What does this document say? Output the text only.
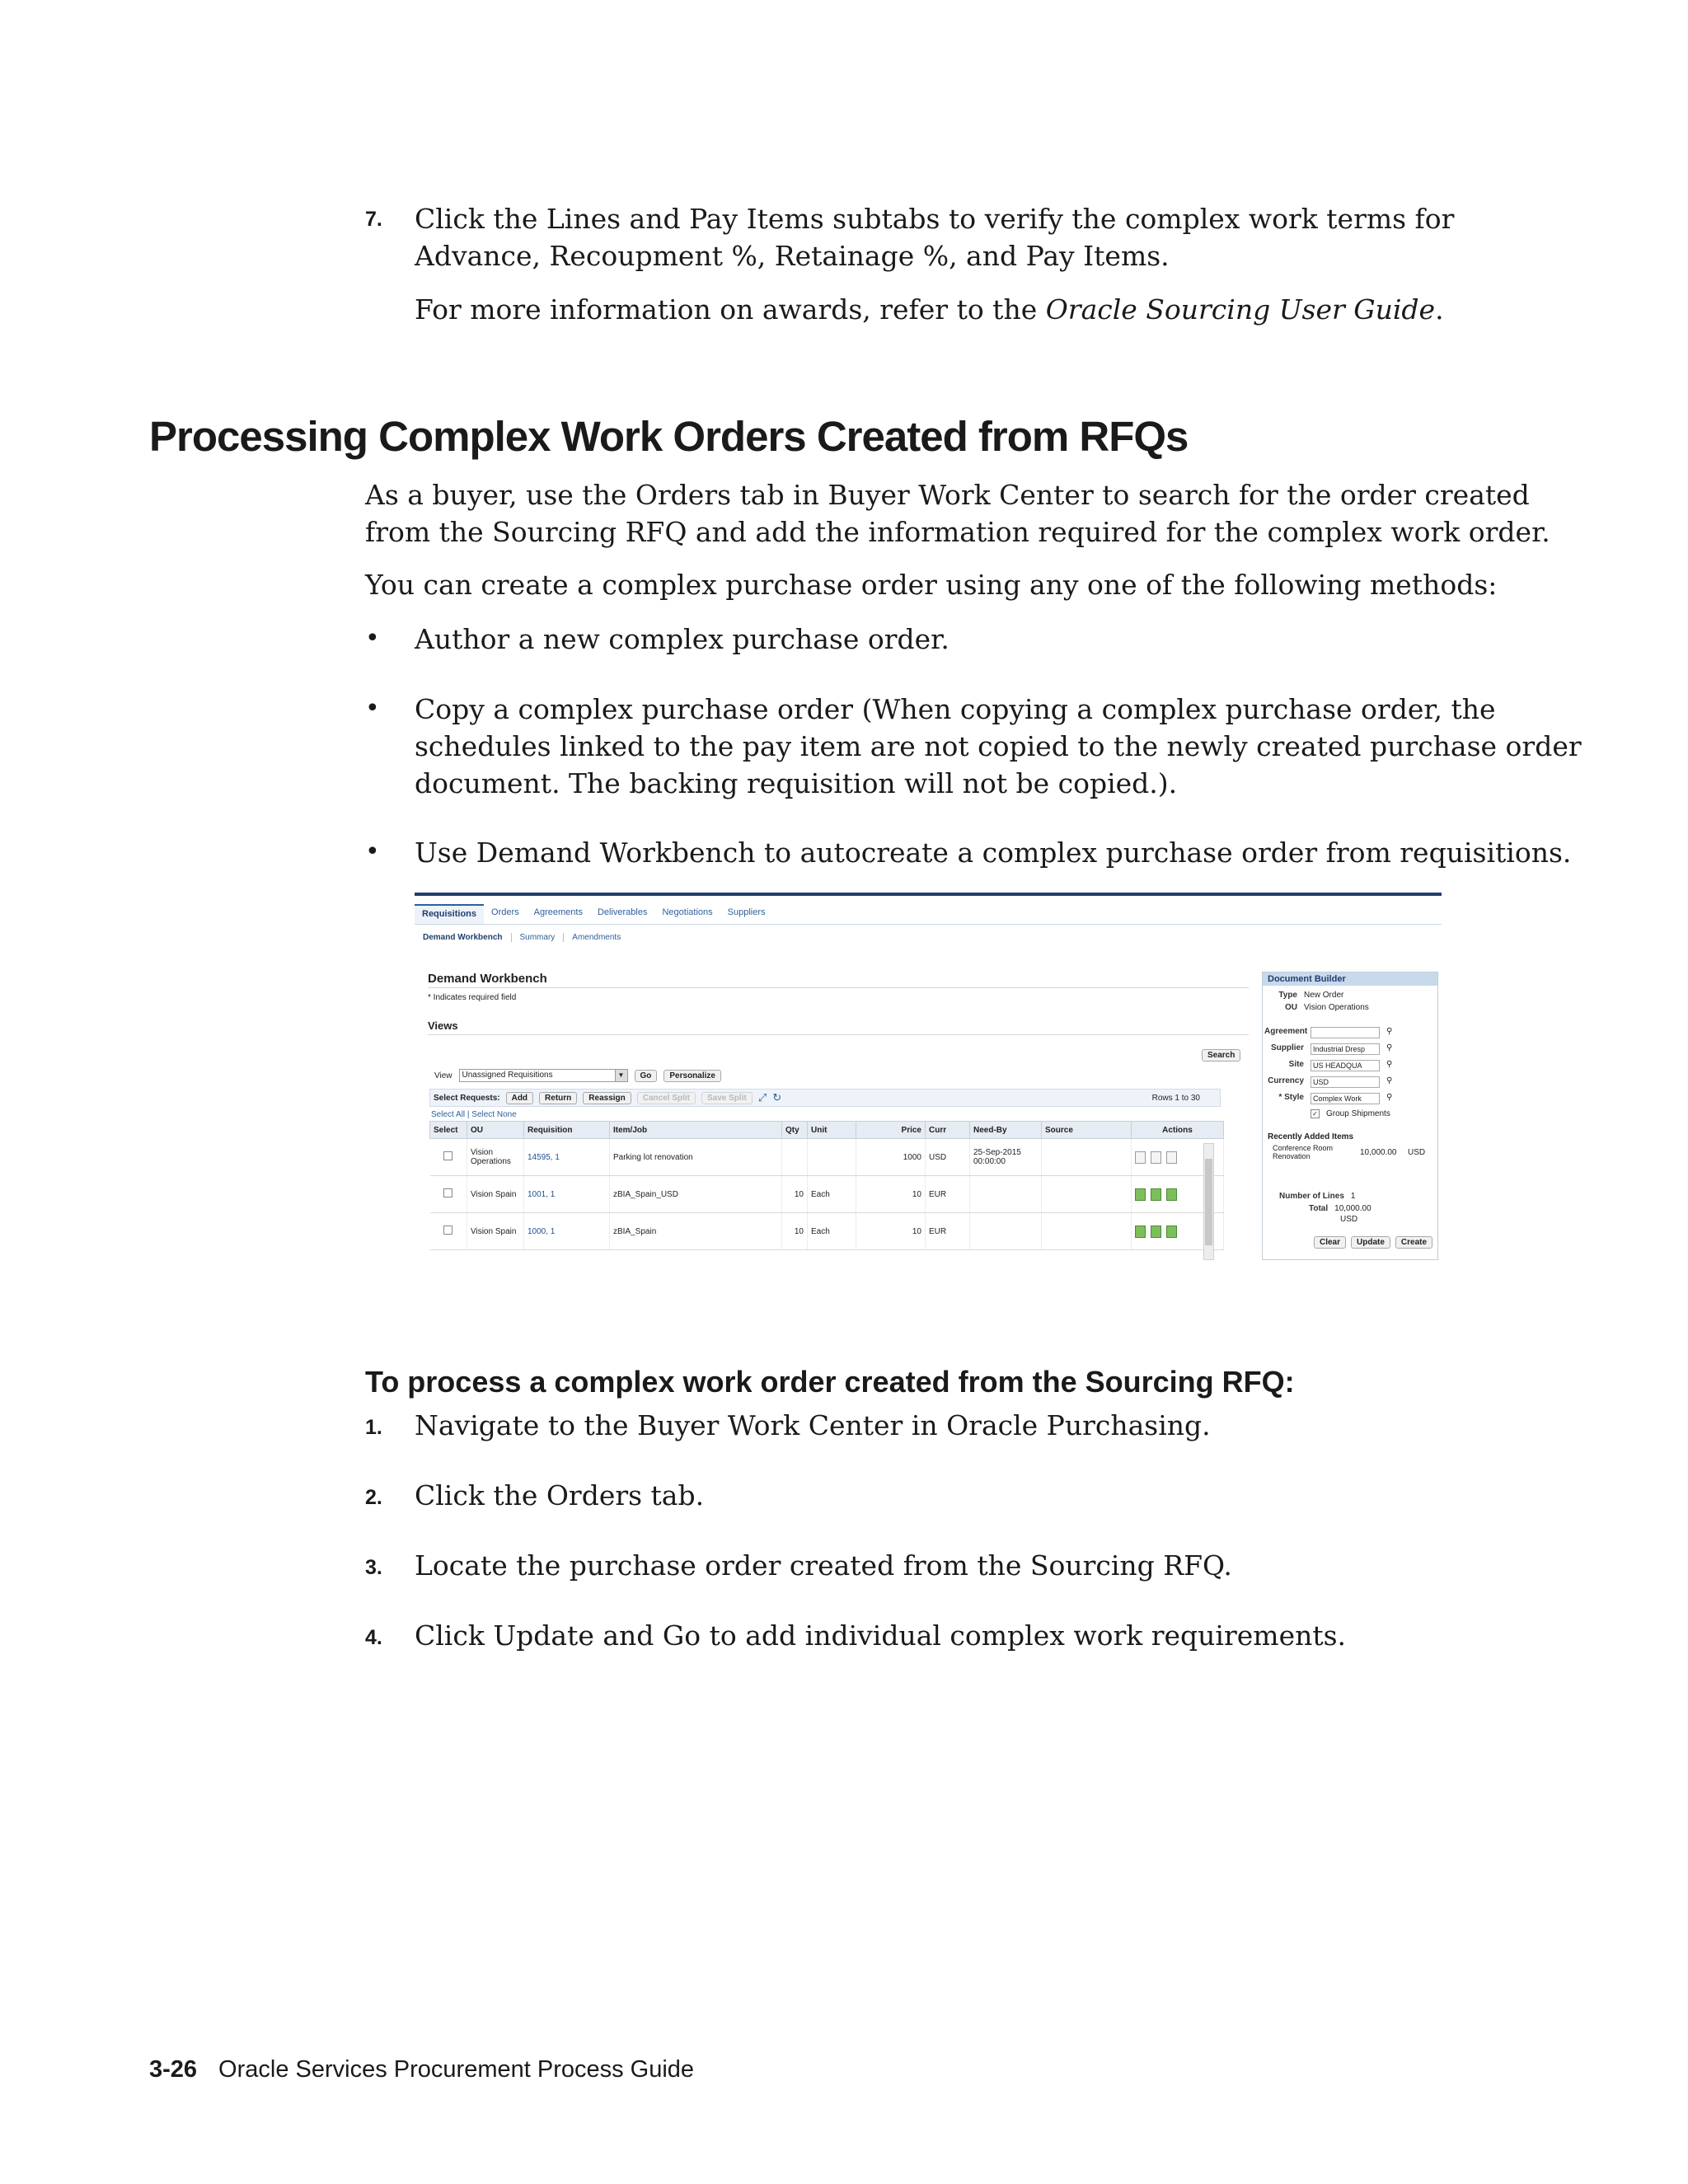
7. Click the Lines and Pay Items subtabs to verify the complex work terms for
Advance, Recoupment %, Retainage %, and Pay Items.
For more information on awards, refer to the Oracle Sourcing User Guide.
Processing Complex Work Orders Created from RFQs
As a buyer, use the Orders tab in Buyer Work Center to search for the order created
from the Sourcing RFQ and add the information required for the complex work order.
You can create a complex purchase order using any one of the following methods:
• Author a new complex purchase order.
• Copy a complex purchase order (When copying a complex purchase order, the
schedules linked to the pay item are not copied to the newly created purchase order
document. The backing requisition will not be copied.).
• Use Demand Workbench to autocreate a complex purchase order from requisitions.
Requisitions	Orders	Agreements	Deliverables	Negotiations	Suppliers
Demand Workbench	Summary	Amendments
Demand Workbench
* Indicates required field
Views
Search
View	Unassigned Requisitions	▼	Go	Personalize
Select Requests:	Add	Return	Reassign	Cancel Split	Save Split	⤢ ↻	Rows 1 to 30
Select All | Select None
Select	OU	Requisition	Item/Job	Qty	Unit	Price	Curr	Need-By	Source	Actions
	Vision Operations	14595, 1	Parking lot renovation			1000	USD	25-Sep-2015 00:00:00		
	Vision Spain	1001, 1	zBIA_Spain_USD	10	Each	10	EUR			
	Vision Spain	1000, 1	zBIA_Spain	10	Each	10	EUR			
Document Builder
Type New Order
OU Vision Operations
Agreement	⚲
Supplier	Industrial Dresp	⚲
Site	US HEADQUA	⚲
Currency	USD	⚲
* Style	Complex Work	⚲
✓ Group Shipments
Recently Added Items
Conference Room Renovation	10,000.00 USD
Number of Lines 1
Total 10,000.00
USD
Clear	Update	Create
To process a complex work order created from the Sourcing RFQ:
1. Navigate to the Buyer Work Center in Oracle Purchasing.
2. Click the Orders tab.
3. Locate the purchase order created from the Sourcing RFQ.
4. Click Update and Go to add individual complex work requirements.
3-26 Oracle Services Procurement Process Guide
